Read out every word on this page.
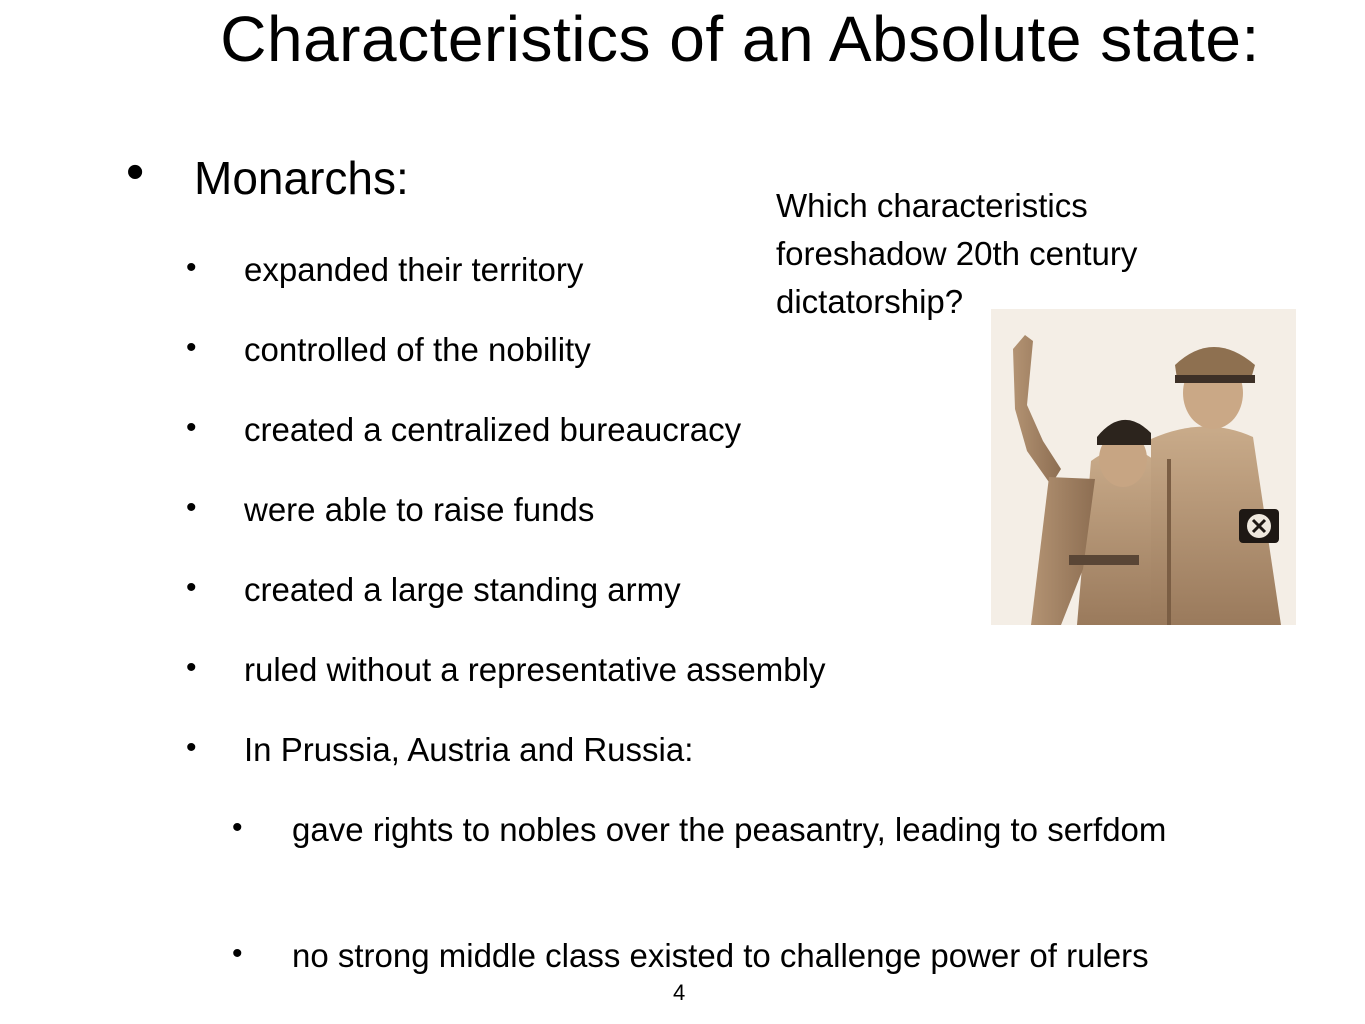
Characteristics of an Absolute state:
• Monarchs:
• expanded their territory
• controlled of the nobility
• created a centralized bureaucracy
• were able to raise funds
• created a large standing army
• ruled without a representative assembly
• In Prussia, Austria and Russia:
• gave rights to nobles over the peasantry, leading to serfdom
• no strong middle class existed to challenge power of rulers
Which characteristics foreshadow 20th century dictatorship?
4
